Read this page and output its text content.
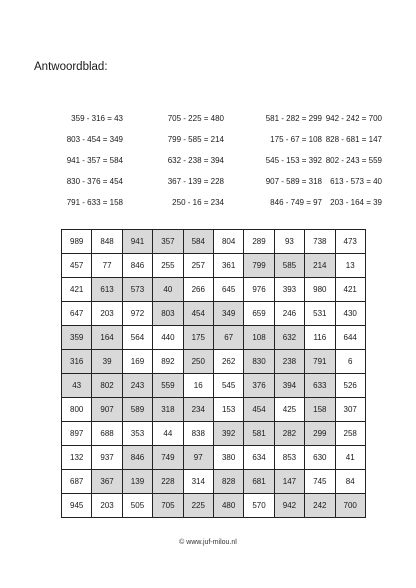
Antwoordblad:
359 - 316 = 43	705 - 225 = 480	581 - 282 = 299 942 - 242 = 700
803 - 454 = 349	799 - 585 = 214	175 - 67 = 108 828 - 681 = 147
941 - 357 = 584	632 - 238 = 394	545 - 153 = 392 802 - 243 = 559
830 - 376 = 454	367 - 139 = 228	907 - 589 = 318	613 - 573 = 40
791 - 633 = 158	250 - 16 = 234	846 - 749 = 97	203 - 164 = 39
989	848	941	357	584	804	289	93	738	473
457	77	846	255	257	361	799	585	214	13
421	613	573	40	266	645	976	393	980	421
647	203	972	803	454	349	659	246	531	430
359	164	564	440	175	67	108	632	116	644
316	39	169	892	250	262	830	238	791	6
43	802	243	559	16	545	376	394	633	526
800	907	589	318	234	153	454	425	158	307
897	688	353	44	838	392	581	282	299	258
132	937	846	749	97	380	634	853	630	41
687	367	139	228	314	828	681	147	745	84
945	203	505	705	225	480	570	942	242	700
© www.juf-milou.nl
